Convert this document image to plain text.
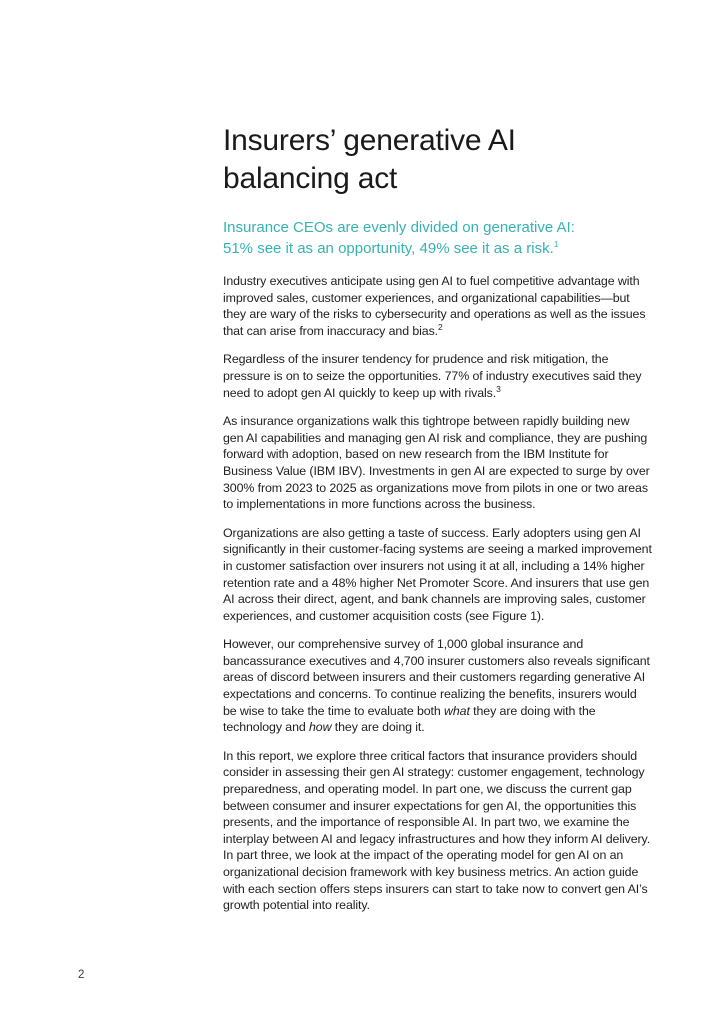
Insurers’ generative AI
balancing act

Insurance CEOs are evenly divided on generative AI:
51% see it as an opportunity, 49% see it as a risk.$^1$

Industry executives anticipate using gen AI to fuel competitive advantage with improved sales, customer experiences, and organizational capabilities—but they are wary of the risks to cybersecurity and operations as well as the issues that can arise from inaccuracy and bias.$^2$

Regardless of the insurer tendency for prudence and risk mitigation, the pressure is on to seize the opportunities. 77% of industry executives said they need to adopt gen AI quickly to keep up with rivals.$^3$

As insurance organizations walk this tightrope between rapidly building new gen AI capabilities and managing gen AI risk and compliance, they are pushing forward with adoption, based on new research from the IBM Institute for Business Value (IBM IBV). Investments in gen AI are expected to surge by over 300% from 2023 to 2025 as organizations move from pilots in one or two areas to implementations in more functions across the business.

Organizations are also getting a taste of success. Early adopters using gen AI significantly in their customer-facing systems are seeing a marked improvement in customer satisfaction over insurers not using it at all, including a 14% higher retention rate and a 48% higher Net Promoter Score. And insurers that use gen AI across their direct, agent, and bank channels are improving sales, customer experiences, and customer acquisition costs (see Figure 1).

However, our comprehensive survey of 1,000 global insurance and bancassurance executives and 4,700 insurer customers also reveals significant areas of discord between insurers and their customers regarding generative AI expectations and concerns. To continue realizing the benefits, insurers would be wise to take the time to evaluate both what they are doing with the technology and how they are doing it.

In this report, we explore three critical factors that insurance providers should consider in assessing their gen AI strategy: customer engagement, technology preparedness, and operating model. In part one, we discuss the current gap between consumer and insurer expectations for gen AI, the opportunities this presents, and the importance of responsible AI. In part two, we examine the interplay between AI and legacy infrastructures and how they inform AI delivery. In part three, we look at the impact of the operating model for gen AI on an organizational decision framework with key business metrics. An action guide with each section offers steps insurers can start to take now to convert gen AI’s growth potential into reality.

2
